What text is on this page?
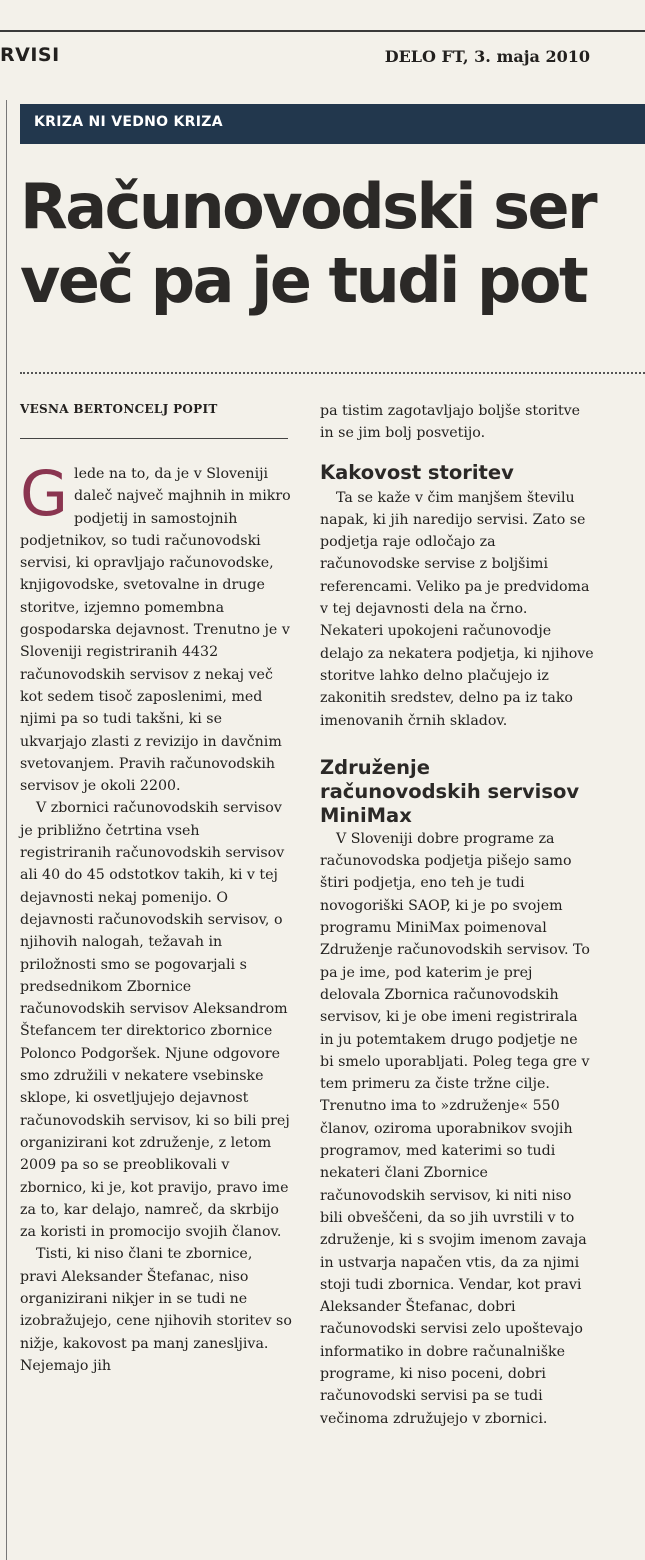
RVISI	DELO FT, 3. maja 2010
KRIZA NI VEDNO KRIZA
Računovodski ser
več pa je tudi pot
VESNA BERTONCELJ POPIT

Glede na to, da je v Sloveniji daleč največ majhnih in mikro podjetij in samostojnih podjetnikov, so tudi računovodski servisi, ki opravljajo računovodske, knjigovodske, svetovalne in druge storitve, izjemno pomembna gospodarska dejavnost. Trenutno je v Sloveniji registriranih 4432 računovodskih servisov z nekaj več kot sedem tisoč zaposlenimi, med njimi pa so tudi takšni, ki se ukvarjajo zlasti z revizijo in davčnim svetovanjem. Pravih računovodskih servisov je okoli 2200.

V zbornici računovodskih servisov je približno četrtina vseh registriranih računovodskih servisov ali 40 do 45 odstotkov takih, ki v tej dejavnosti nekaj pomenijo. O dejavnosti računovodskih servisov, o njihovih nalogah, težavah in priložnosti smo se pogovarjali s predsednikom Zbornice računovodskih servisov Aleksandrom Štefancem ter direktorico zbornice Polonco Podgoršek. Njune odgovore smo združili v nekatere vsebinske sklope, ki osvetljujejo dejavnost računovodskih servisov, ki so bili prej organizirani kot združenje, z letom 2009 pa so se preoblikovali v zbornico, ki je, kot pravijo, pravo ime za to, kar delajo, namreč, da skrbijo za koristi in promocijo svojih članov.

Tisti, ki niso člani te zbornice, pravi Aleksander Štefanac, niso organizirani nikjer in se tudi ne izobražujejo, cene njihovih storitev so nižje, kakovost pa manj zanesljiva. Nejemajo jih

pa tistim zagotavljajo boljše storitve in se jim bolj posvetijo.

Kakovost storitev

Ta se kaže v čim manjšem številu napak, ki jih naredijo servisi. Zato se podjetja raje odločajo za računovodske servise z boljšimi referencami. Veliko pa je predvidoma v tej dejavnosti dela na črno. Nekateri upokojeni računovodje delajo za nekatera podjetja, ki njihove storitve lahko delno plačujejo iz zakonitih sredstev, delno pa iz tako imenovanih črnih skladov.

Združenje računovodskih servisov MiniMax

V Sloveniji dobre programe za računovodska podjetja pišejo samo štiri podjetja, eno teh je tudi novogoriški SAOP, ki je po svojem programu MiniMax poimenoval Združenje računovodskih servisov. To pa je ime, pod katerim je prej delovala Zbornica računovodskih servisov, ki je obe imeni registrirala in ju potemtakem drugo podjetje ne bi smelo uporabljati. Poleg tega gre v tem primeru za čiste tržne cilje. Trenutno ima to »združenje« 550 članov, oziroma uporabnikov svojih programov, med katerimi so tudi nekateri člani Zbornice računovodskih servisov, ki niti niso bili obveščeni, da so jih uvrstili v to združenje, ki s svojim imenom zavaja in ustvarja napačen vtis, da za njimi stoji tudi zbornica. Vendar, kot pravi Aleksander Štefanac, dobri računovodski servisi zelo upoštevajo informatiko in dobre računalniške programe, ki niso poceni, dobri računovodski servisi pa se tudi večinoma združujejo v zbornici.
